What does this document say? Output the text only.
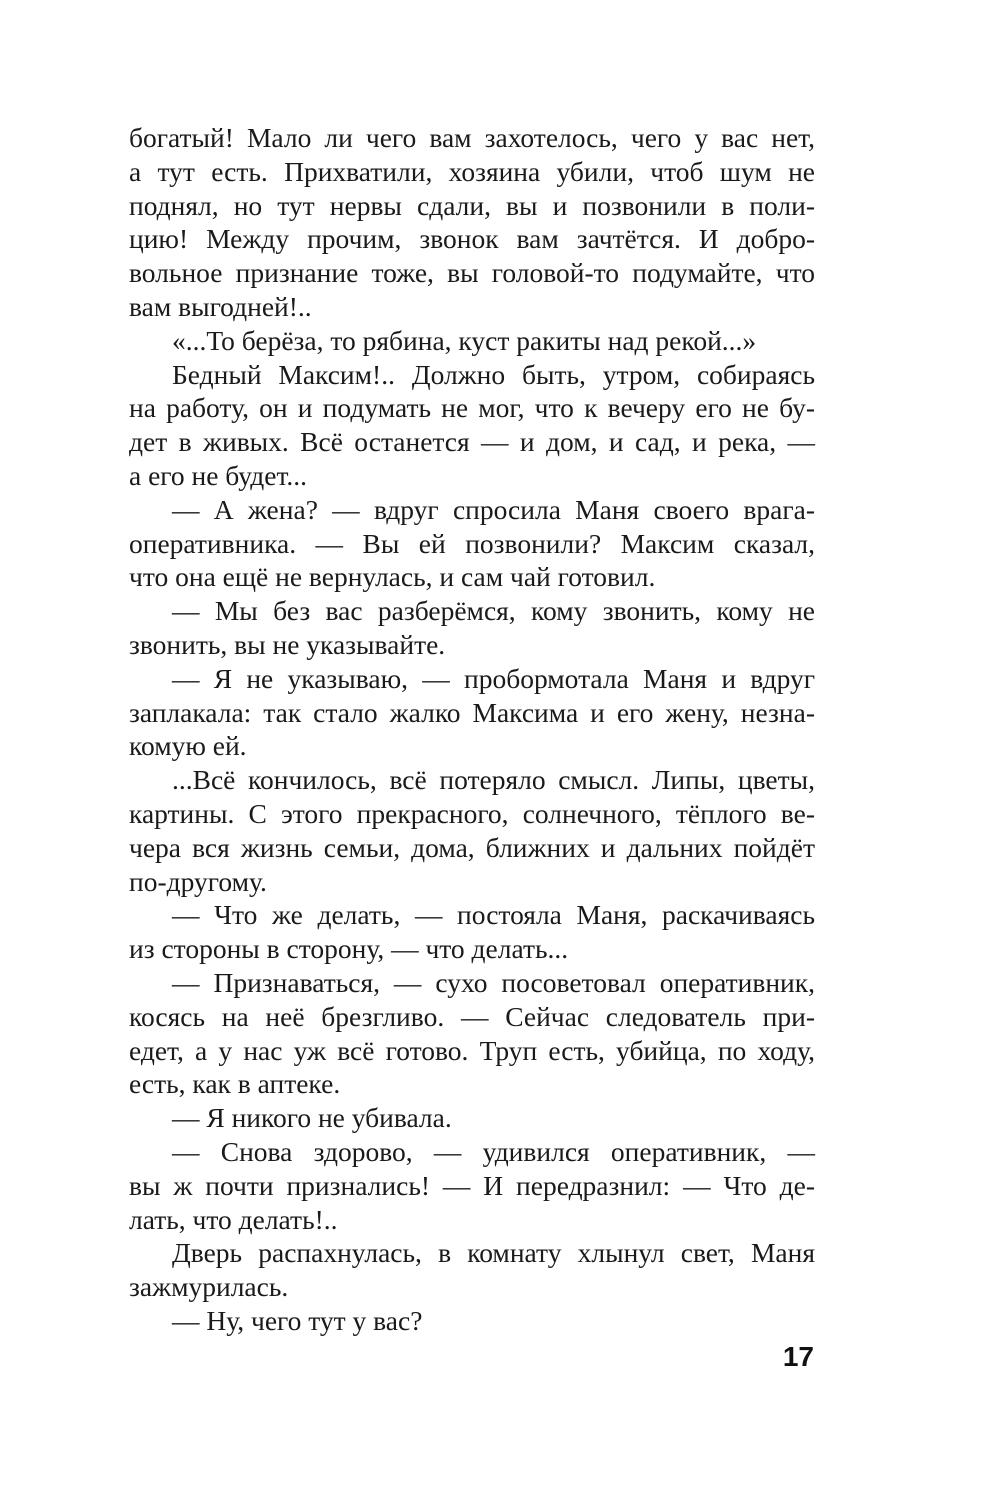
богатый! Мало ли чего вам захотелось, чего у вас нет,
а тут есть. Прихватили, хозяина убили, чтоб шум не
поднял, но тут нервы сдали, вы и позвонили в поли-
цию! Между прочим, звонок вам зачтётся. И добро-
вольное признание тоже, вы головой-то подумайте, что
вам выгодней!..
«...То берёза, то рябина, куст ракиты над рекой...»
Бедный Максим!.. Должно быть, утром, собираясь
на работу, он и подумать не мог, что к вечеру его не бу-
дет в живых. Всё останется — и дом, и сад, и река, —
а его не будет...
— А жена? — вдруг спросила Маня своего врага-
оперативника. — Вы ей позвонили? Максим сказал,
что она ещё не вернулась, и сам чай готовил.
— Мы без вас разберёмся, кому звонить, кому не
звонить, вы не указывайте.
— Я не указываю, — пробормотала Маня и вдруг
заплакала: так стало жалко Максима и его жену, незна-
комую ей.
...Всё кончилось, всё потеряло смысл. Липы, цветы,
картины. С этого прекрасного, солнечного, тёплого ве-
чера вся жизнь семьи, дома, ближних и дальних пойдёт
по-другому.
— Что же делать, — постояла Маня, раскачиваясь
из стороны в сторону, — что делать...
— Признаваться, — сухо посоветовал оперативник,
косясь на неё брезгливо. — Сейчас следователь при-
едет, а у нас уж всё готово. Труп есть, убийца, по ходу,
есть, как в аптеке.
— Я никого не убивала.
— Снова здорово, — удивился оперативник, —
вы ж почти признались! — И передразнил: — Что де-
лать, что делать!..
Дверь распахнулась, в комнату хлынул свет, Маня
зажмурилась.
— Ну, чего тут у вас?
17
